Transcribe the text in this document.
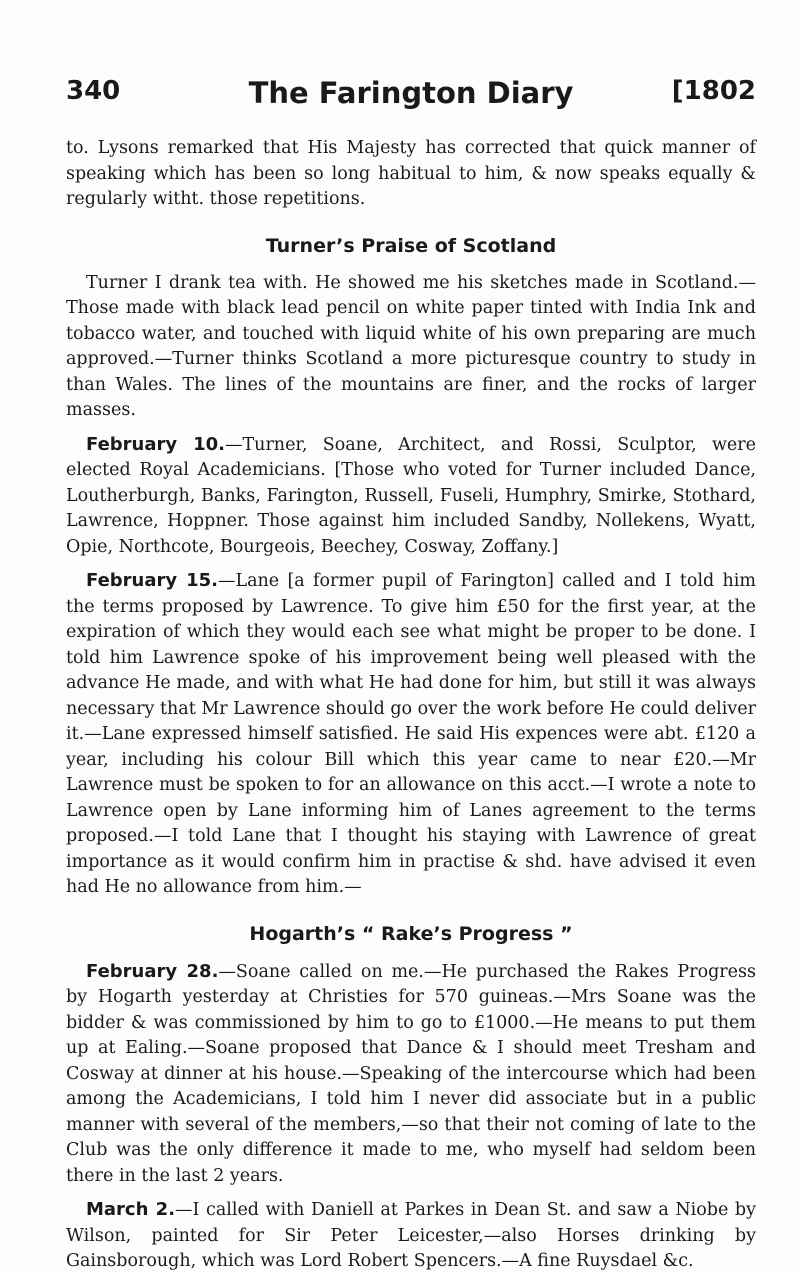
340	The Farington Diary	[1802

to. Lysons remarked that His Majesty has corrected that quick manner of speaking which has been so long habitual to him, & now speaks equally & regularly witht. those repetitions.

Turner’s Praise of Scotland

Turner I drank tea with. He showed me his sketches made in Scotland.—Those made with black lead pencil on white paper tinted with India Ink and tobacco water, and touched with liquid white of his own preparing are much approved.—Turner thinks Scotland a more picturesque country to study in than Wales. The lines of the mountains are finer, and the rocks of larger masses.

February 10.—Turner, Soane, Architect, and Rossi, Sculptor, were elected Royal Academicians. [Those who voted for Turner included Dance, Loutherburgh, Banks, Farington, Russell, Fuseli, Humphry, Smirke, Stothard, Lawrence, Hoppner. Those against him included Sandby, Nollekens, Wyatt, Opie, Northcote, Bourgeois, Beechey, Cosway, Zoffany.]

February 15.—Lane [a former pupil of Farington] called and I told him the terms proposed by Lawrence. To give him £50 for the first year, at the expiration of which they would each see what might be proper to be done. I told him Lawrence spoke of his improvement being well pleased with the advance He made, and with what He had done for him, but still it was always necessary that Mr Lawrence should go over the work before He could deliver it.—Lane expressed himself satisfied. He said His expences were abt. £120 a year, including his colour Bill which this year came to near £20.—Mr Lawrence must be spoken to for an allowance on this acct.—I wrote a note to Lawrence open by Lane informing him of Lanes agreement to the terms proposed.—I told Lane that I thought his staying with Lawrence of great importance as it would confirm him in practise & shd. have advised it even had He no allowance from him.—

Hogarth’s “ Rake’s Progress ”

February 28.—Soane called on me.—He purchased the Rakes Progress by Hogarth yesterday at Christies for 570 guineas.—Mrs Soane was the bidder & was commissioned by him to go to £1000.—He means to put them up at Ealing.—Soane proposed that Dance & I should meet Tresham and Cosway at dinner at his house.—Speaking of the intercourse which had been among the Academicians, I told him I never did associate but in a public manner with several of the members,—so that their not coming of late to the Club was the only difference it made to me, who myself had seldom been there in the last 2 years.

March 2.—I called with Daniell at Parkes in Dean St. and saw a Niobe by Wilson, painted for Sir Peter Leicester,—also Horses drinking by Gainsborough, which was Lord Robert Spencers.—A fine Ruysdael &c.
